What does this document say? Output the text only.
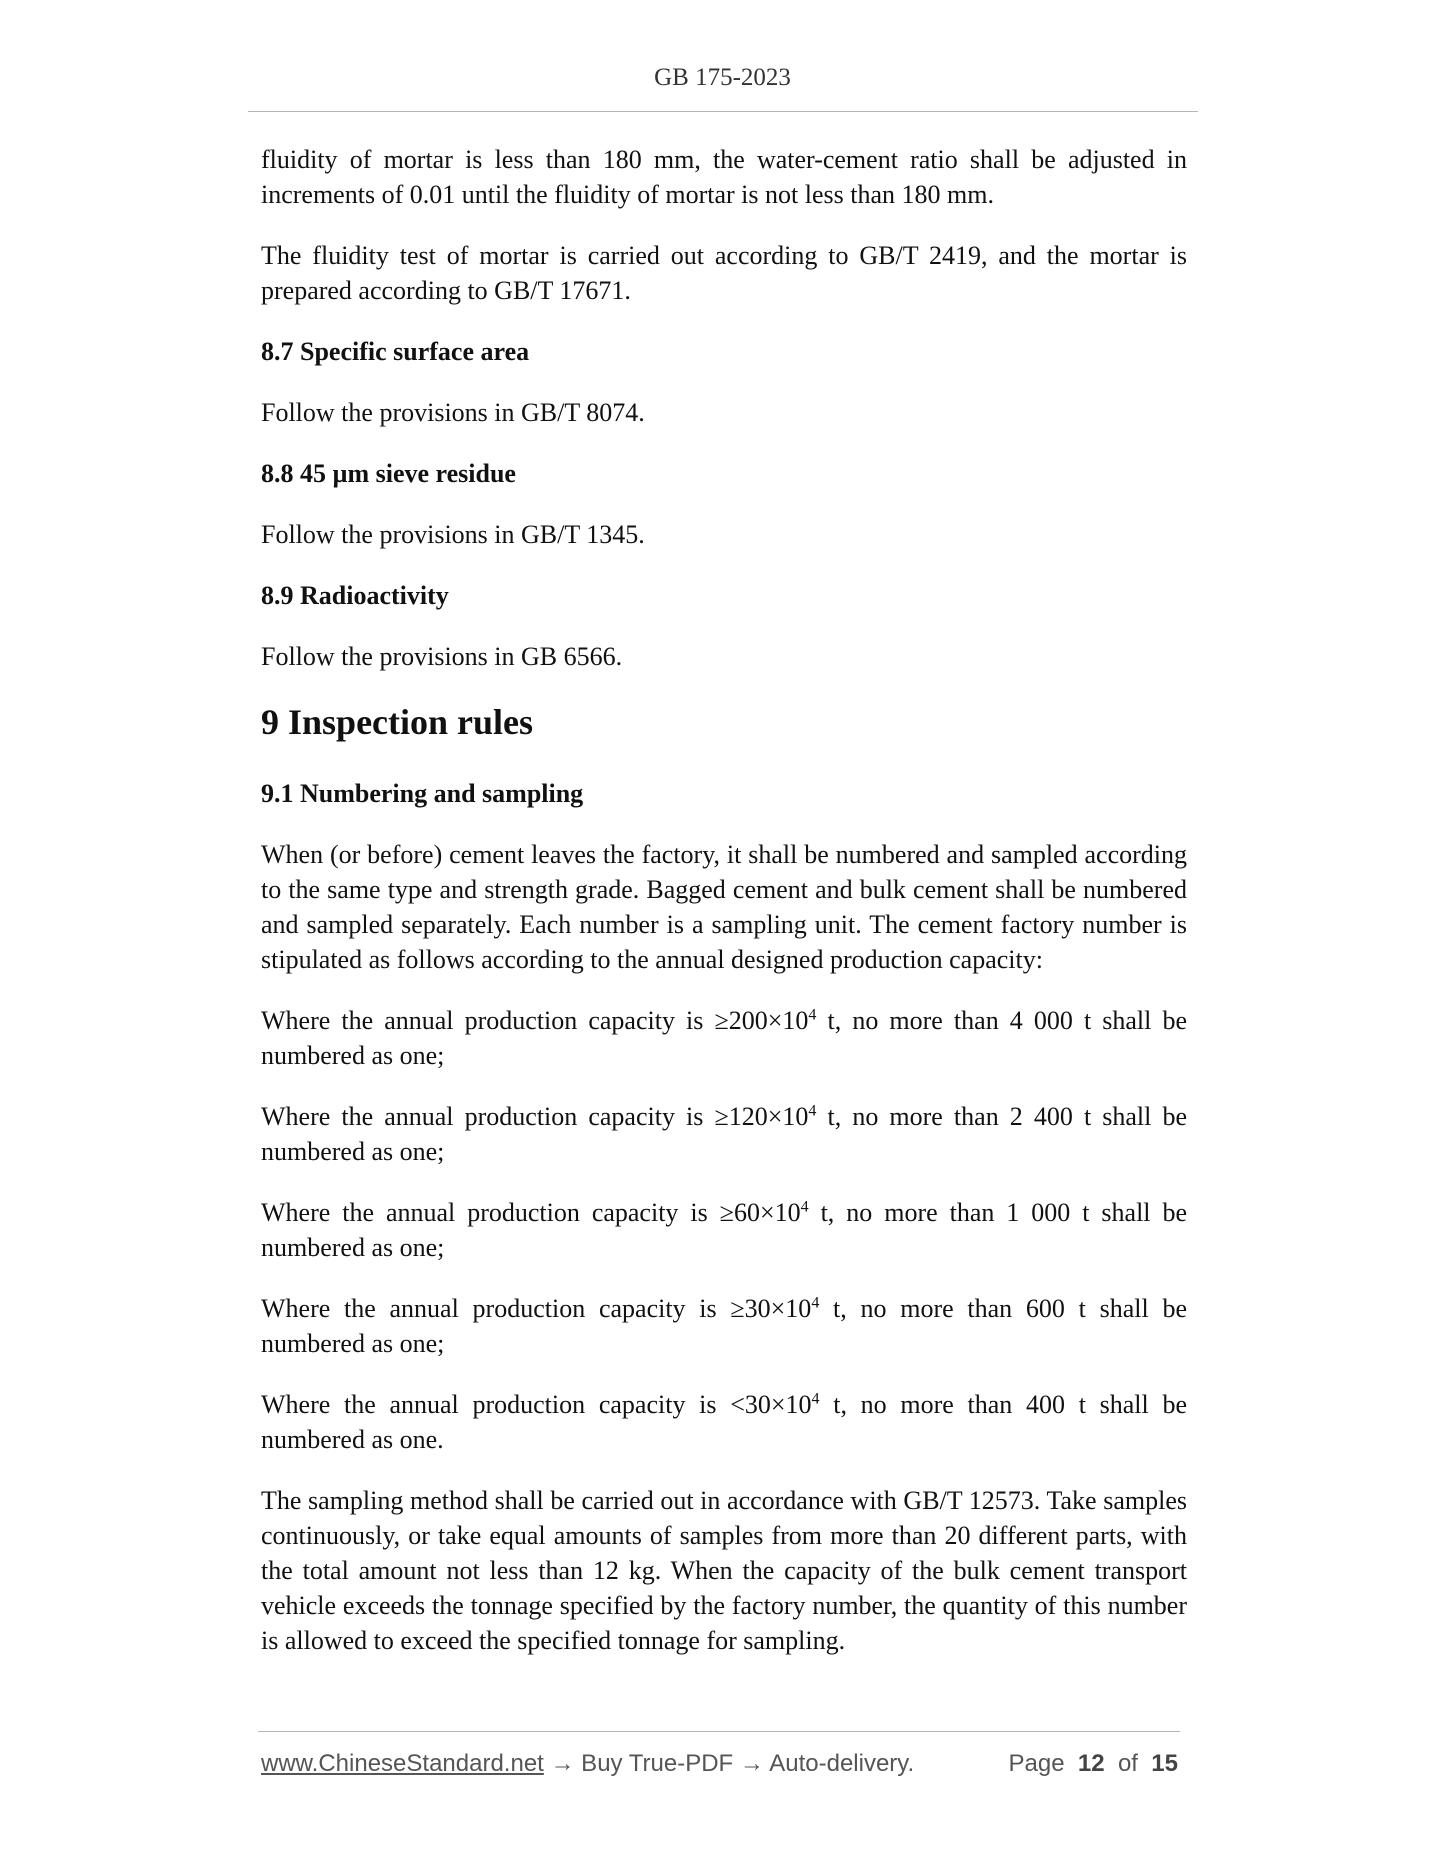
GB 175-2023

fluidity of mortar is less than 180 mm, the water-cement ratio shall be adjusted in increments of 0.01 until the fluidity of mortar is not less than 180 mm.

The fluidity test of mortar is carried out according to GB/T 2419, and the mortar is prepared according to GB/T 17671.

8.7 Specific surface area

Follow the provisions in GB/T 8074.

8.8 45 µm sieve residue

Follow the provisions in GB/T 1345.

8.9 Radioactivity

Follow the provisions in GB 6566.

9 Inspection rules
9.1 Numbering and sampling

When (or before) cement leaves the factory, it shall be numbered and sampled according to the same type and strength grade. Bagged cement and bulk cement shall be numbered and sampled separately. Each number is a sampling unit. The cement factory number is stipulated as follows according to the annual designed production capacity:

Where the annual production capacity is $\ge 200\times 10^4$ t, no more than 4 000 t shall be numbered as one;

Where the annual production capacity is $\ge 120\times 10^4$ t, no more than 2 400 t shall be numbered as one;

Where the annual production capacity is $\ge 60\times 10^4$ t, no more than 1 000 t shall be numbered as one;

Where the annual production capacity is $\ge 30\times 10^4$ t, no more than 600 t shall be numbered as one;

Where the annual production capacity is $<30\times 10^4$ t, no more than 400 t shall be numbered as one.

The sampling method shall be carried out in accordance with GB/T 12573. Take samples continuously, or take equal amounts of samples from more than 20 different parts, with the total amount not less than 12 kg. When the capacity of the bulk cement transport vehicle exceeds the tonnage specified by the factory number, the quantity of this number is allowed to exceed the specified tonnage for sampling.

www.ChineseStandard.net → Buy True-PDF → Auto-delivery.	Page 12 of 15
